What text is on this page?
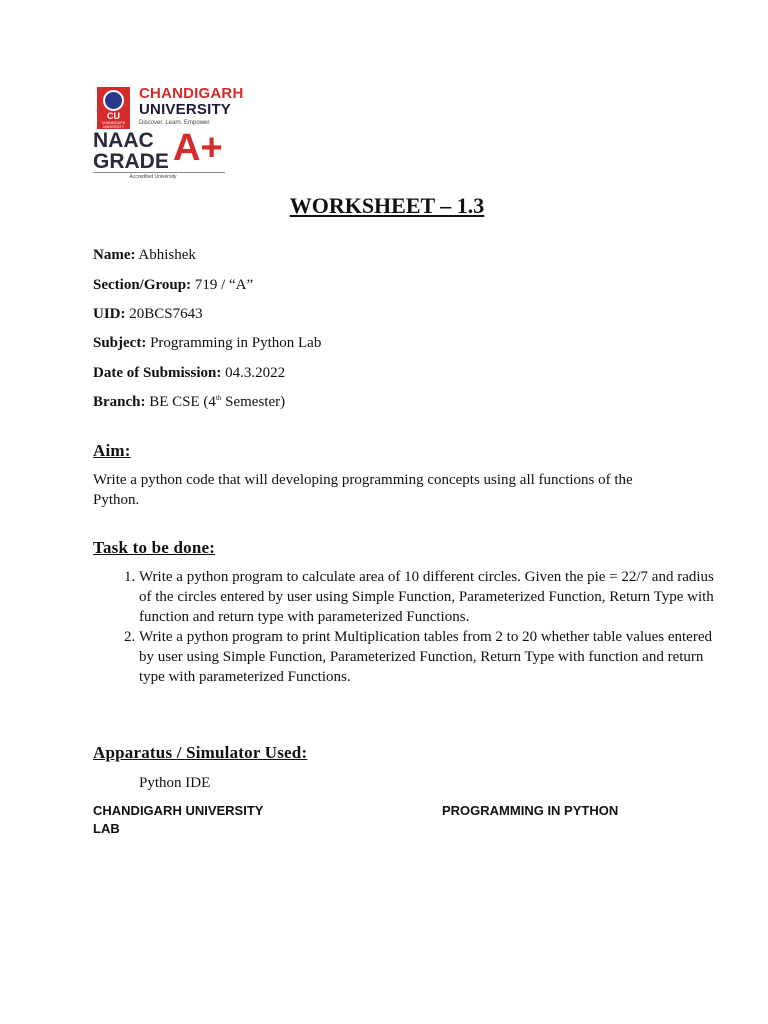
CU
CHANDIGARH UNIVERSITY
CHANDIGARH
UNIVERSITY
Discover. Learn. Empower.
NAAC
GRADE A+
Accredited University
WORKSHEET – 1.3
Name: Abhishek
Section/Group: 719 / “A”
UID: 20BCS7643
Subject: Programming in Python Lab
Date of Submission: 04.3.2022
Branch: BE CSE (4th Semester)
Aim:
Write a python code that will developing programming concepts using all functions of the Python.
Task to be done:
1. Write a python program to calculate area of 10 different circles. Given the pie = 22/7 and radius of the circles entered by user using Simple Function, Parameterized Function, Return Type with function and return type with parameterized Functions.
2. Write a python program to print Multiplication tables from 2 to 20 whether table values entered by user using Simple Function, Parameterized Function, Return Type with function and return type with parameterized Functions.
Apparatus / Simulator Used:
Python IDE
CHANDIGARH UNIVERSITY	PROGRAMMING IN PYTHON
LAB
